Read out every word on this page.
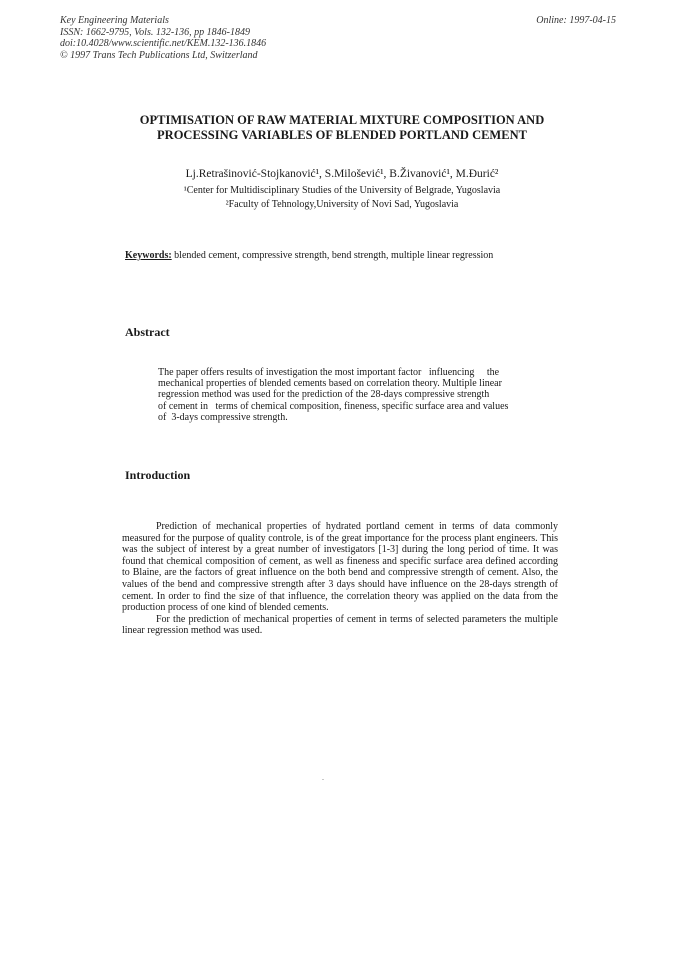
Key Engineering Materials
ISSN: 1662-9795, Vols. 132-136, pp 1846-1849
doi:10.4028/www.scientific.net/KEM.132-136.1846
© 1997 Trans Tech Publications Ltd, Switzerland
Online: 1997-04-15
OPTIMISATION OF RAW MATERIAL MIXTURE COMPOSITION AND
PROCESSING VARIABLES OF BLENDED PORTLAND CEMENT
Lj.Retrašinović-Stojkanović¹, S.Milošević¹, B.Živanović¹, M.Đurić²
¹Center for Multidisciplinary Studies of the University of Belgrade, Yugoslavia
²Faculty of Tehnology,University of Novi Sad, Yugoslavia
Keywords: blended cement, compressive strength, bend strength, multiple linear regression
Abstract
The paper offers results of investigation the most important factor   influencing     the
mechanical properties of blended cements based on correlation theory. Multiple linear
regression method was used for the prediction of the 28-days compressive strength
of cement in   terms of chemical composition, fineness, specific surface area and values
of  3-days compressive strength.
Introduction

Prediction of mechanical properties of hydrated portland cement in terms of data commonly measured for the purpose of quality controle, is of the great importance for the process plant engineers. This was the subject of interest by a great number of investigators [1-3] during the long period of time. It was found that chemical composition of cement, as well as fineness and specific surface area defined according to Blaine, are the factors of great influence on the both bend and compressive strength of cement. Also, the values of the bend and compressive strength after 3 days should have influence on the 28-days strength of cement. In order to find the size of that influence, the correlation theory was applied on the data from the production process of one kind of blended cements.

For the prediction of mechanical properties of cement in terms of selected parameters the multiple linear regression method was used.
